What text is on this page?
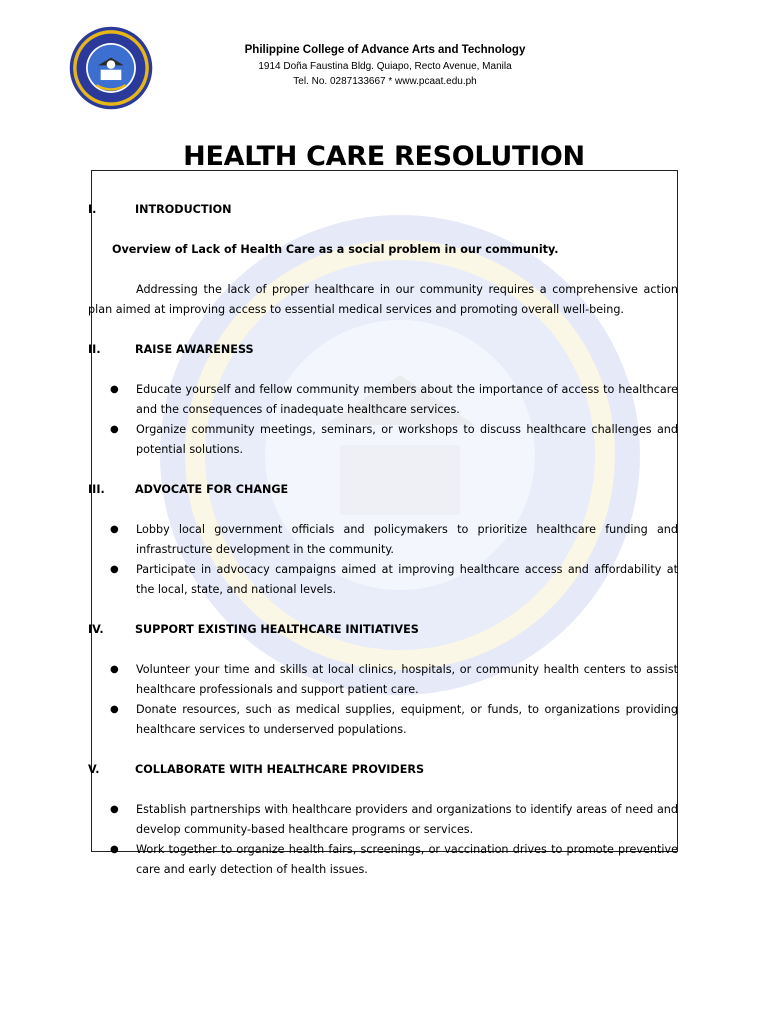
Philippine College of Advance Arts and Technology
1914 Doña Faustina Bldg. Quiapo, Recto Avenue, Manila
Tel. No. 0287133667 * www.pcaat.edu.ph
HEALTH CARE RESOLUTION
I.	INTRODUCTION
Overview of Lack of Health Care as a social problem in our community.
Addressing the lack of proper healthcare in our community requires a comprehensive action plan aimed at improving access to essential medical services and promoting overall well-being.
II.	RAISE AWARENESS
● Educate yourself and fellow community members about the importance of access to healthcare and the consequences of inadequate healthcare services.
● Organize community meetings, seminars, or workshops to discuss healthcare challenges and potential solutions.
III.	ADVOCATE FOR CHANGE
● Lobby local government officials and policymakers to prioritize healthcare funding and infrastructure development in the community.
● Participate in advocacy campaigns aimed at improving healthcare access and affordability at the local, state, and national levels.
IV.	SUPPORT EXISTING HEALTHCARE INITIATIVES
● Volunteer your time and skills at local clinics, hospitals, or community health centers to assist healthcare professionals and support patient care.
● Donate resources, such as medical supplies, equipment, or funds, to organizations providing healthcare services to underserved populations.
V.	COLLABORATE WITH HEALTHCARE PROVIDERS
● Establish partnerships with healthcare providers and organizations to identify areas of need and develop community-based healthcare programs or services.
● Work together to organize health fairs, screenings, or vaccination drives to promote preventive care and early detection of health issues.
